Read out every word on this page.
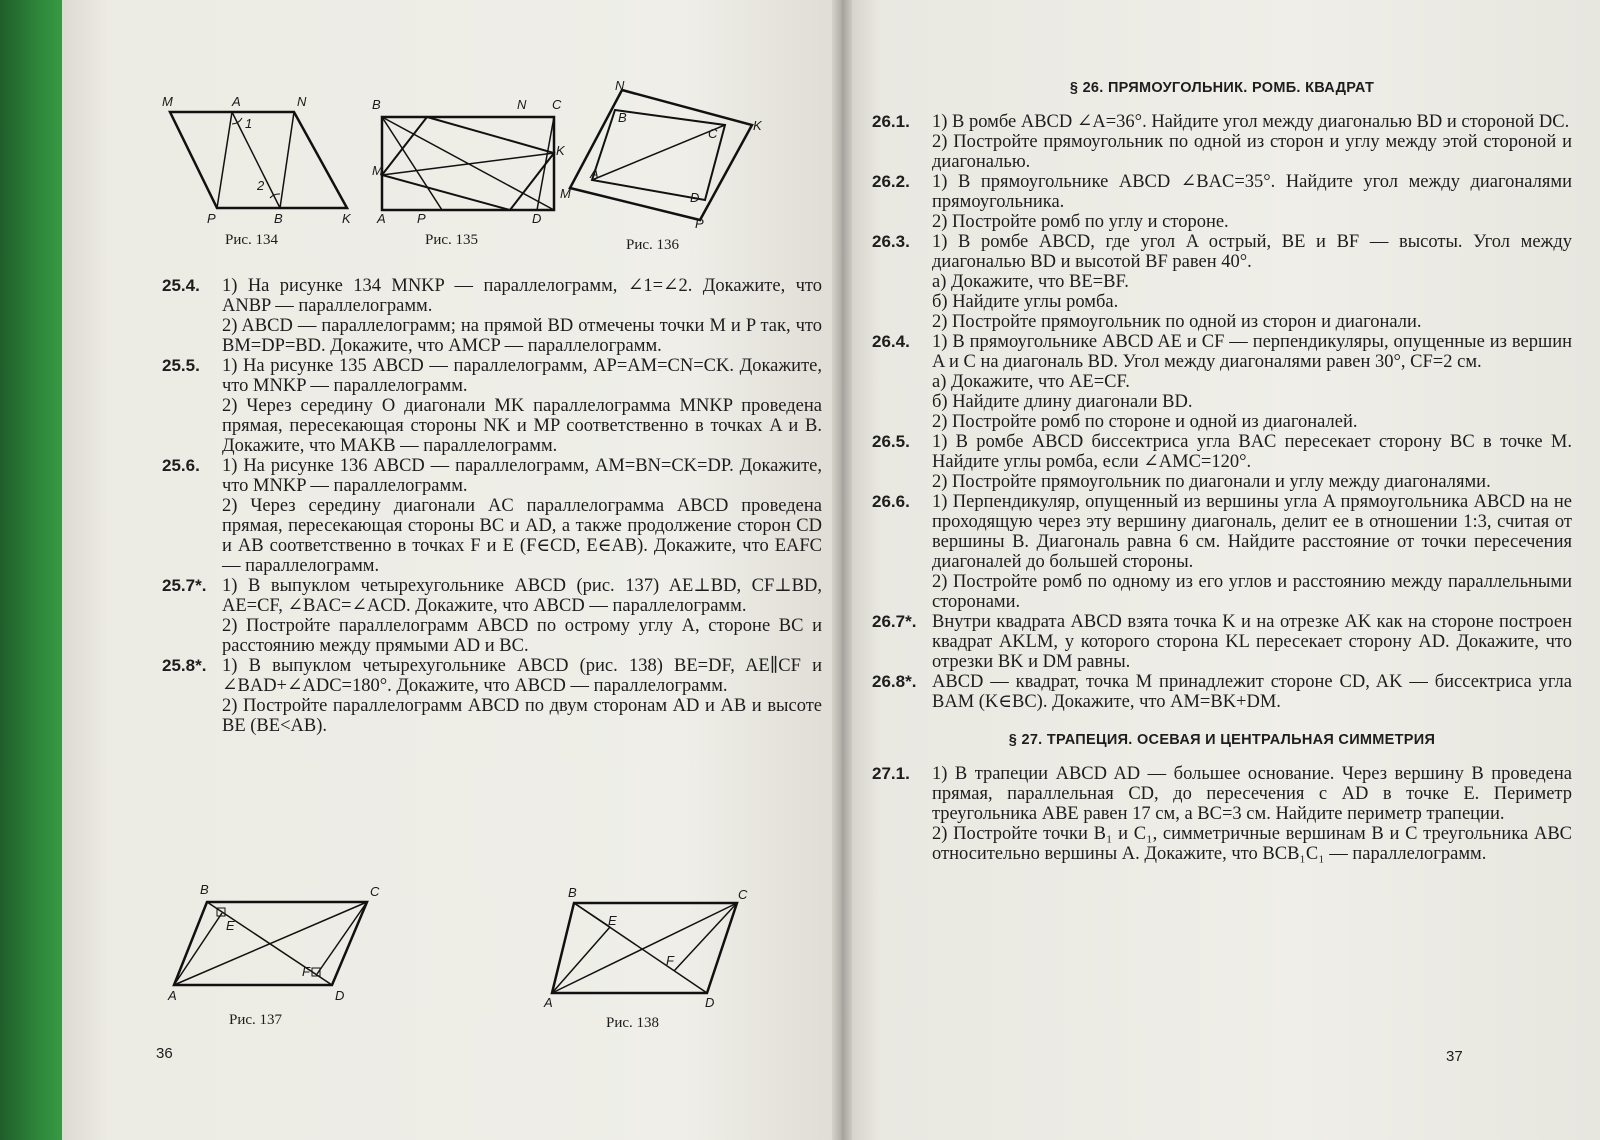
M	A	N
1
2
P	B	K
Рис. 134
B	N C
M
K
A P	D
Рис. 135
N
B
C
K
A
D
M
P
Рис. 136
25.4. 1) На рисунке 134 MNKP — параллелограмм, ∠1=∠2. Докажите, что ANBP — параллелограмм.

2) ABCD — параллелограмм; на прямой BD отмечены точки M и P так, что BM=DP=BD. Докажите, что AMCP — параллелограмм.

25.5. 1) На рисунке 135 ABCD — параллелограмм, AP=AM=CN=CK. Докажите, что MNKP — параллелограмм.

2) Через середину O диагонали MK параллелограмма MNKP проведена прямая, пересекающая стороны NK и MP соответственно в точках A и B. Докажите, что MAKB — параллелограмм.

25.6. 1) На рисунке 136 ABCD — параллелограмм, AM=BN=CK=DP. Докажите, что MNKP — параллелограмм.

2) Через середину диагонали AC параллелограмма ABCD проведена прямая, пересекающая стороны BC и AD, а также продолжение сторон CD и AB соответственно в точках F и E (F∈CD, E∈AB). Докажите, что EAFC — параллелограмм.

25.7*. 1) В выпуклом четырехугольнике ABCD (рис. 137) AE⊥BD, CF⊥BD, AE=CF, ∠BAC=∠ACD. Докажите, что ABCD — параллелограмм.

2) Постройте параллелограмм ABCD по острому углу A, стороне BC и расстоянию между прямыми AD и BC.

25.8*. 1) В выпуклом четырехугольнике ABCD (рис. 138) BE=DF, AE∥CF и ∠BAD+∠ADC=180°. Докажите, что ABCD — параллелограмм.

2) Постройте параллелограмм ABCD по двум сторонам AD и AB и высоте BE (BE<AB).

B	C
E
F
A	D
Рис. 137
B	C
E
F
A	D
Рис. 138
36
§ 26. ПРЯМОУГОЛЬНИК. РОМБ. КВАДРАТ
26.1. 1) В ромбе ABCD ∠A=36°. Найдите угол между диагональю BD и стороной DC.

2) Постройте прямоугольник по одной из сторон и углу между этой стороной и диагональю.

26.2. 1) В прямоугольнике ABCD ∠BAC=35°. Найдите угол между диагоналями прямоугольника.

2) Постройте ромб по углу и стороне.

26.3. 1) В ромбе ABCD, где угол A острый, BE и BF — высоты. Угол между диагональю BD и высотой BF равен 40°.

а) Докажите, что BE=BF.

б) Найдите углы ромба.

2) Постройте прямоугольник по одной из сторон и диагонали.

26.4. 1) В прямоугольнике ABCD AE и CF — перпендикуляры, опущенные из вершин A и C на диагональ BD. Угол между диагоналями равен 30°, CF=2 см.

а) Докажите, что AE=CF.

б) Найдите длину диагонали BD.

2) Постройте ромб по стороне и одной из диагоналей.

26.5. 1) В ромбе ABCD биссектриса угла BAC пересекает сторону BC в точке M. Найдите углы ромба, если ∠AMC=120°.

2) Постройте прямоугольник по диагонали и углу между диагоналями.

26.6. 1) Перпендикуляр, опущенный из вершины угла A прямоугольника ABCD на не проходящую через эту вершину диагональ, делит ее в отношении 1:3, считая от вершины B. Диагональ равна 6 см. Найдите расстояние от точки пересечения диагоналей до большей стороны.

2) Постройте ромб по одному из его углов и расстоянию между параллельными сторонами.

26.7*. Внутри квадрата ABCD взята точка K и на отрезке AK как на стороне построен квадрат AKLM, у которого сторона KL пересекает сторону AD. Докажите, что отрезки BK и DM равны.

26.8*. ABCD — квадрат, точка M принадлежит стороне CD, AK — биссектриса угла BAM (K∈BC). Докажите, что AM=BK+DM.

§ 27. ТРАПЕЦИЯ. ОСЕВАЯ И ЦЕНТРАЛЬНАЯ СИММЕТРИЯ
27.1. 1) В трапеции ABCD AD — большее основание. Через вершину B проведена прямая, параллельная CD, до пересечения с AD в точке E. Периметр треугольника ABE равен 17 см, а BC=3 см. Найдите периметр трапеции.

2) Постройте точки B₁ и C₁, симметричные вершинам B и C треугольника ABC относительно вершины A. Докажите, что BCB₁C₁ — параллелограмм.

37
